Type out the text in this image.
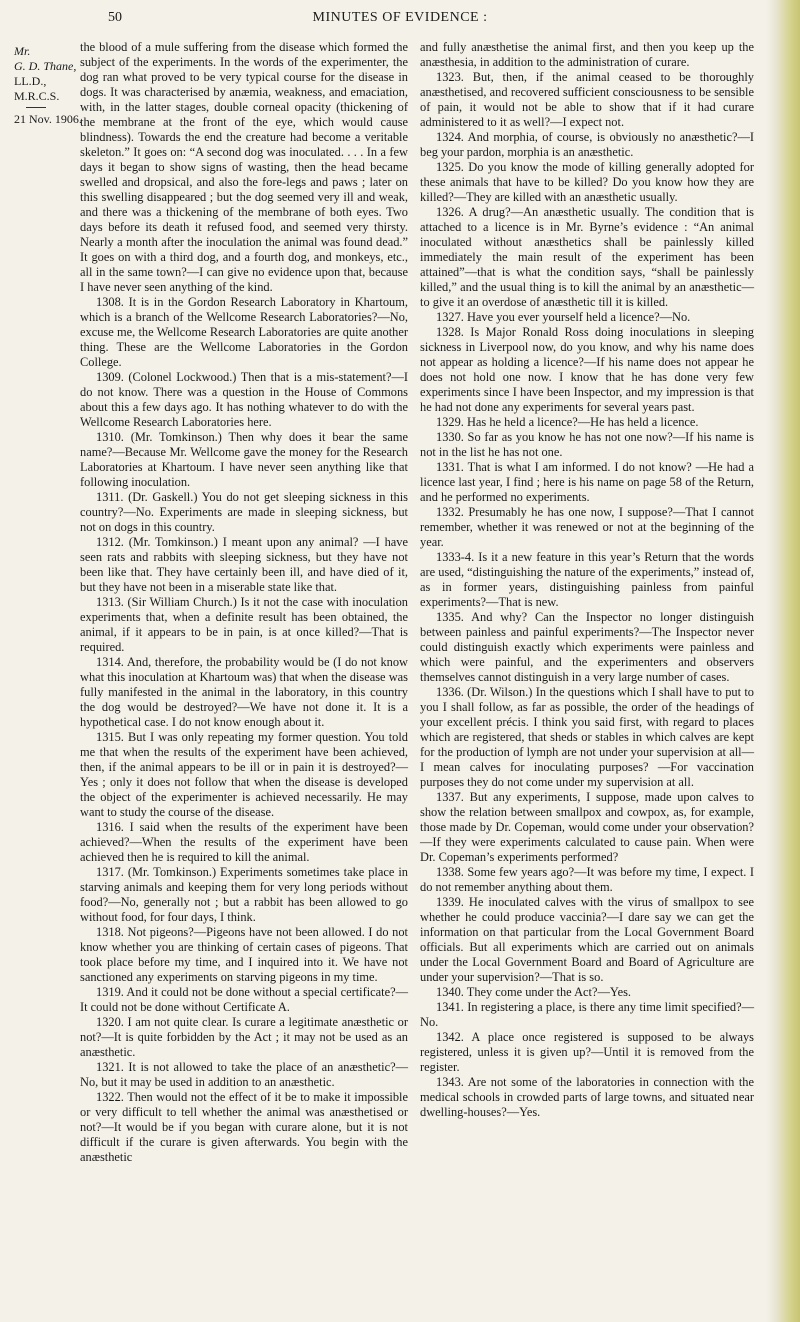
50	MINUTES OF EVIDENCE :
Mr.
G. D. Thane,
LL.D.,
M.R.C.S.
21 Nov. 1906.

the blood of a mule suffering from the disease which formed the subject of the experiments. In the words of the experimenter, the dog ran what proved to be very typical course for the disease in dogs. It was characterised by anæmia, weakness, and emaciation, with, in the latter stages, double corneal opacity (thickening of the membrane at the front of the eye, which would cause blindness). Towards the end the creature had become a veritable skeleton.” It goes on: “A second dog was inoculated. . . . In a few days it began to show signs of wasting, then the head became swelled and dropsical, and also the fore-legs and paws ; later on this swelling disappeared ; but the dog seemed very ill and weak, and there was a thickening of the membrane of both eyes. Two days before its death it refused food, and seemed very thirsty. Nearly a month after the inoculation the animal was found dead.” It goes on with a third dog, and a fourth dog, and monkeys, etc., all in the same town?—I can give no evidence upon that, because I have never seen anything of the kind.

1308. It is in the Gordon Research Laboratory in Khartoum, which is a branch of the Wellcome Research Laboratories?—No, excuse me, the Wellcome Research Laboratories are quite another thing. These are the Wellcome Laboratories in the Gordon College.

1309. (Colonel Lockwood.) Then that is a mis-statement?—I do not know. There was a question in the House of Commons about this a few days ago. It has nothing whatever to do with the Wellcome Research Laboratories here.

1310. (Mr. Tomkinson.) Then why does it bear the same name?—Because Mr. Wellcome gave the money for the Research Laboratories at Khartoum. I have never seen anything like that following inoculation.

1311. (Dr. Gaskell.) You do not get sleeping sickness in this country?—No. Experiments are made in sleeping sickness, but not on dogs in this country.

1312. (Mr. Tomkinson.) I meant upon any animal? —I have seen rats and rabbits with sleeping sickness, but they have not been like that. They have certainly been ill, and have died of it, but they have not been in a miserable state like that.

1313. (Sir William Church.) Is it not the case with inoculation experiments that, when a definite result has been obtained, the animal, if it appears to be in pain, is at once killed?—That is required.

1314. And, therefore, the probability would be (I do not know what this inoculation at Khartoum was) that when the disease was fully manifested in the animal in the laboratory, in this country the dog would be destroyed?—We have not done it. It is a hypothetical case. I do not know enough about it.

1315. But I was only repeating my former question. You told me that when the results of the experiment have been achieved, then, if the animal appears to be ill or in pain it is destroyed?—Yes ; only it does not follow that when the disease is developed the object of the experimenter is achieved necessarily. He may want to study the course of the disease.

1316. I said when the results of the experiment have been achieved?—When the results of the experiment have been achieved then he is required to kill the animal.

1317. (Mr. Tomkinson.) Experiments sometimes take place in starving animals and keeping them for very long periods without food?—No, generally not ; but a rabbit has been allowed to go without food, for four days, I think.

1318. Not pigeons?—Pigeons have not been allowed. I do not know whether you are thinking of certain cases of pigeons. That took place before my time, and I inquired into it. We have not sanctioned any experiments on starving pigeons in my time.

1319. And it could not be done without a special certificate?—It could not be done without Certificate A.

1320. I am not quite clear. Is curare a legitimate anæsthetic or not?—It is quite forbidden by the Act ; it may not be used as an anæsthetic.

1321. It is not allowed to take the place of an anæsthetic?—No, but it may be used in addition to an anæsthetic.

1322. Then would not the effect of it be to make it impossible or very difficult to tell whether the animal was anæsthetised or not?—It would be if you began with curare alone, but it is not difficult if the curare is given afterwards. You begin with the anæsthetic

and fully anæsthetise the animal first, and then you keep up the anæsthesia, in addition to the administration of curare.

1323. But, then, if the animal ceased to be thoroughly anæsthetised, and recovered sufficient consciousness to be sensible of pain, it would not be able to show that if it had curare administered to it as well?—I expect not.

1324. And morphia, of course, is obviously no anæsthetic?—I beg your pardon, morphia is an anæsthetic.

1325. Do you know the mode of killing generally adopted for these animals that have to be killed? Do you know how they are killed?—They are killed with an anæsthetic usually.

1326. A drug?—An anæsthetic usually. The condition that is attached to a licence is in Mr. Byrne’s evidence : “An animal inoculated without anæsthetics shall be painlessly killed immediately the main result of the experiment has been attained”—that is what the condition says, “shall be painlessly killed,” and the usual thing is to kill the animal by an anæsthetic—to give it an overdose of anæsthetic till it is killed.

1327. Have you ever yourself held a licence?—No.

1328. Is Major Ronald Ross doing inoculations in sleeping sickness in Liverpool now, do you know, and why his name does not appear as holding a licence?—If his name does not appear he does not hold one now. I know that he has done very few experiments since I have been Inspector, and my impression is that he had not done any experiments for several years past.

1329. Has he held a licence?—He has held a licence.

1330. So far as you know he has not one now?—If his name is not in the list he has not one.

1331. That is what I am informed. I do not know? —He had a licence last year, I find ; here is his name on page 58 of the Return, and he performed no experiments.

1332. Presumably he has one now, I suppose?—That I cannot remember, whether it was renewed or not at the beginning of the year.

1333-4. Is it a new feature in this year’s Return that the words are used, “distinguishing the nature of the experiments,” instead of, as in former years, distinguishing painless from painful experiments?—That is new.

1335. And why? Can the Inspector no longer distinguish between painless and painful experiments?—The Inspector never could distinguish exactly which experiments were painless and which were painful, and the experimenters and observers themselves cannot distinguish in a very large number of cases.

1336. (Dr. Wilson.) In the questions which I shall have to put to you I shall follow, as far as possible, the order of the headings of your excellent précis. I think you said first, with regard to places which are registered, that sheds or stables in which calves are kept for the production of lymph are not under your supervision at all—I mean calves for inoculating purposes? —For vaccination purposes they do not come under my supervision at all.

1337. But any experiments, I suppose, made upon calves to show the relation between smallpox and cowpox, as, for example, those made by Dr. Copeman, would come under your observation?—If they were experiments calculated to cause pain. When were Dr. Copeman’s experiments performed?

1338. Some few years ago?—It was before my time, I expect. I do not remember anything about them.

1339. He inoculated calves with the virus of smallpox to see whether he could produce vaccinia?—I dare say we can get the information on that particular from the Local Government Board officials. But all experiments which are carried out on animals under the Local Government Board and Board of Agriculture are under your supervision?—That is so.

1340. They come under the Act?—Yes.

1341. In registering a place, is there any time limit specified?—No.

1342. A place once registered is supposed to be always registered, unless it is given up?—Until it is removed from the register.

1343. Are not some of the laboratories in connection with the medical schools in crowded parts of large towns, and situated near dwelling-houses?—Yes.
